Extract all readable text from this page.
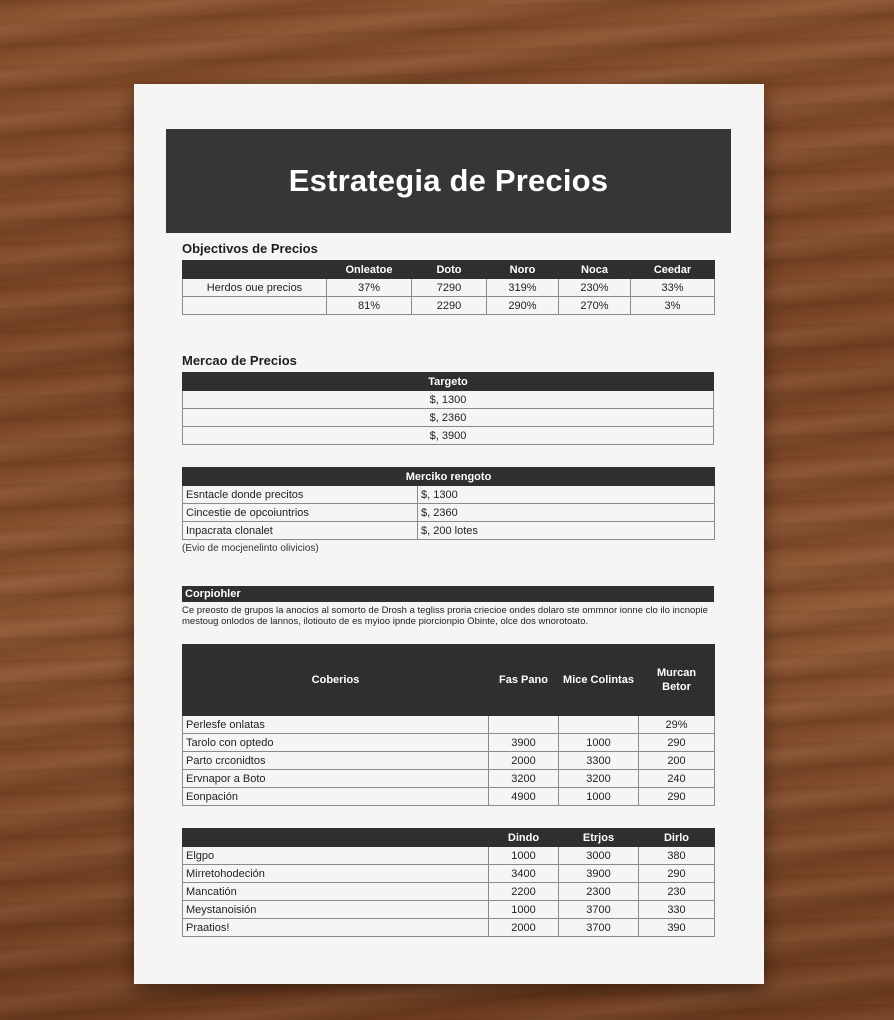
Estrategia de Precios
Objectivos de Precios
	Onleatoe	Doto	Noro	Noca	Ceedar
Herdos oue precios	37%	7290	319%	230%	33%
	81%	2290	290%	270%	3%
Mercao de Precios
Targeto
$, 1300
$, 2360
$, 3900
Merciko rengoto	
Esntacle donde precitos	$, 1300
Cincestie de opcoiuntrios	$, 2360
Inpacrata clonalet	$, 200 lotes
(Evio de mocjenelinto olivicios)
Corpiohler
Ce preosto de grupos la anocios al somorto de Drosh a tegliss proria criecioe ondes dolaro ste ommnor ionne clo ilo incnopie mestoug onlodos de lannos, ilotiouto de es myioo ipnde piorcionpio Obinte, olce dos wnorotoato.
Coberios	Fas Pano	Mice Colintas	Murcan Betor
Perlesfe onlatas			29%
Tarolo con optedo	3900	1000	290
Parto crconidtos	2000	3300	200
Ervnapor a Boto	3200	3200	240
Eonpación	4900	1000	290
	Dindo	Etrjos	Dirlo
Elgpo	1000	3000	380
Mirretohodeción	3400	3900	290
Mancatión	2200	2300	230
Meystanoisión	1000	3700	330
Praatios!	2000	3700	390
